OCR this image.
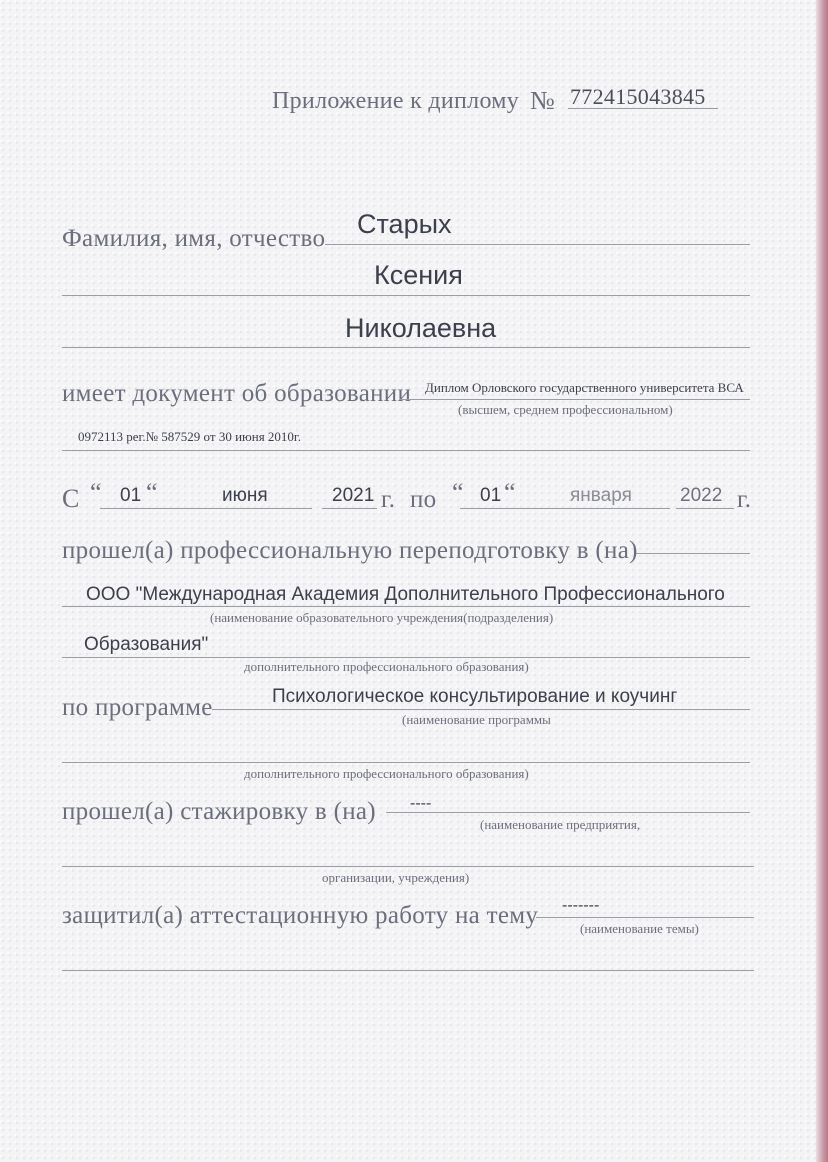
Приложение к диплому № 772415043845
Фамилия, имя, отчество Старых
Ксения
Николаевна
имеет документ об образовании Диплом Орловского государственного университета ВСА
(высшем, среднем профессиональном)
0972113 рег.№ 587529 от 30 июня 2010г.
С “ 01 “	июня	2021 г. по “ 01 “	января	2022 г.
прошел(а) профессиональную переподготовку в (на)
ООО "Международная Академия Дополнительного Профессионального
(наименование образовательного учреждения(подразделения)
Образования"
дополнительного профессионального образования)
по программе	Психологическое консультирование и коучинг
(наименование программы
дополнительного профессионального образования)
прошел(а) стажировку в (на) ----
(наименование предприятия,
организации, учреждения)
защитил(а) аттестационную работу на тему -------
(наименование темы)
